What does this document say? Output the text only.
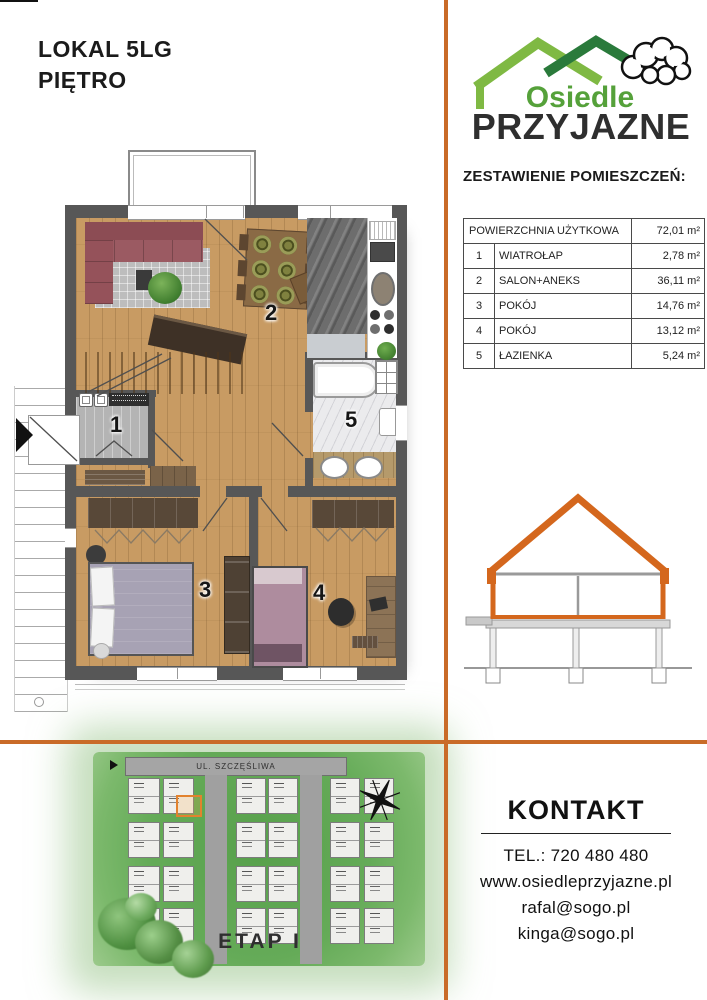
LOKAL 5LG
PIĘTRO
1
2
3	4
5
Osiedle
PRZYJAZNE
ZESTAWIENIE POMIESZCZEŃ:
POWIERZCHNIA UŻYTKOWA		72,01 m²
1	WIATROŁAP	2,78 m²
2	SALON+ANEKS	36,11 m²
3	POKÓJ	14,76 m²
4	POKÓJ	13,12 m²
5	ŁAZIENKA	5,24 m²
UL. SZCZĘŚLIWA
ETAP I
KONTAKT
TEL.: 720 480 480
www.osiedleprzyjazne.pl
rafal@sogo.pl
kinga@sogo.pl
